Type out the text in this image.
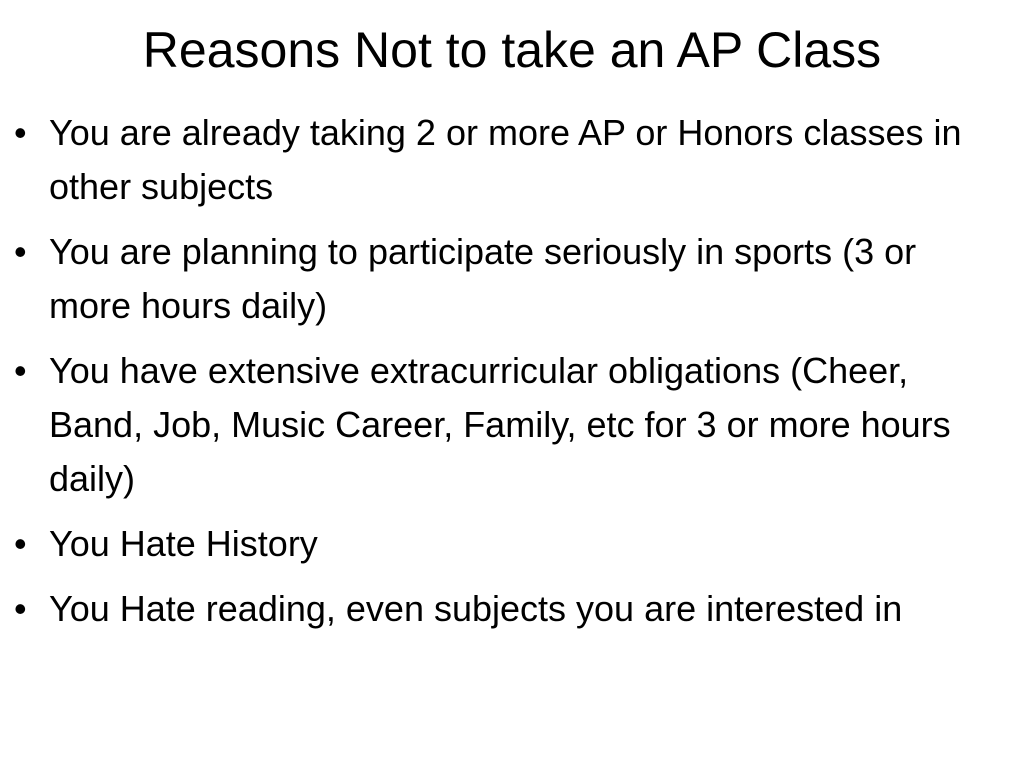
Reasons Not to take an AP Class
• You are already taking 2 or more AP or Honors classes in other subjects
• You are planning to participate seriously in sports (3 or more hours daily)
• You have extensive extracurricular obligations (Cheer, Band, Job, Music Career, Family, etc for 3 or more hours daily)
• You Hate History
• You Hate reading, even subjects you are interested in
